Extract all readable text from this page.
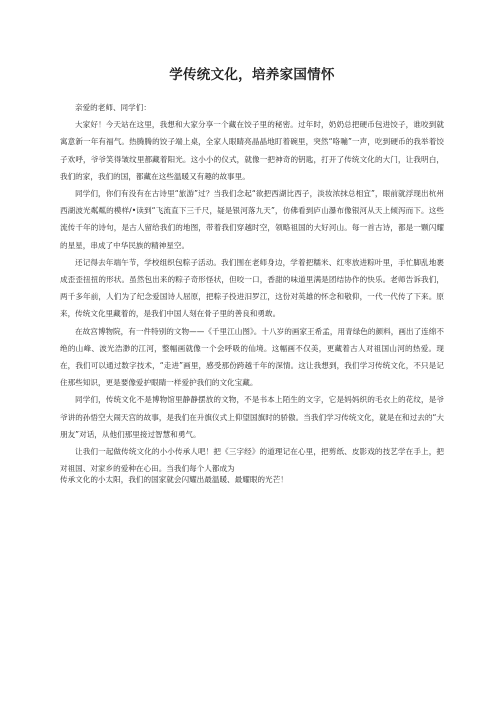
学传统文化，培养家国情怀

亲爱的老师、同学们：

大家好！今天站在这里，我想和大家分享一个藏在饺子里的秘密。过年时，奶奶总把硬币包进饺子，谁咬到就寓意新一年有福气。热腾腾的饺子端上桌，全家人眼睛亮晶晶地盯着碗里，突然“咯嘣”一声，吃到硬币的我举着饺子欢呼，爷爷笑得皱纹里都藏着阳光。这小小的仪式，就像一把神奇的钥匙，打开了传统文化的大门，让我明白，我们的家，我们的国，都藏在这些温暖又有趣的故事里。

同学们，你们有没有在古诗里“旅游”过？当我们念起“欲把西湖比西子，淡妆浓抹总相宜”，眼前就浮现出杭州西湖波光粼粼的模样/•读到“飞流直下三千尺，疑是银河落九天”，仿佛看到庐山瀑布像银河从天上倾泻而下。这些流传千年的诗句，是古人留给我们的地图，带着我们穿越时空，领略祖国的大好河山。每一首古诗，都是一颗闪耀的星星，串成了中华民族的精神星空。

还记得去年端午节，学校组织包粽子活动。我们围在老师身边，学着把糯米、红枣放进粽叶里，手忙脚乱地裹成歪歪扭扭的形状。虽然包出来的粽子奇形怪状，但咬一口，香甜的味道里满是团结协作的快乐。老师告诉我们，两千多年前，人们为了纪念爱国诗人屈原，把粽子投进汨罗江，这份对英雄的怀念和敬仰，一代一代传了下来。原来，传统文化里藏着的，是我们中国人刻在骨子里的善良和勇敢。

在故宫博物院，有一件特别的文物——《千里江山图》。十八岁的画家王希孟，用青绿色的颜料，画出了连绵不绝的山峰、波光浩渺的江河，整幅画就像一个会呼吸的仙境。这幅画不仅美，更藏着古人对祖国山河的热爱。现在，我们可以通过数字技术，“走进”画里，感受那份跨越千年的深情。这让我想到，我们学习传统文化，不只是记住那些知识，更是要像爱护眼睛一样爱护我们的文化宝藏。

同学们，传统文化不是博物馆里静静摆放的文物，不是书本上陌生的文字，它是妈妈织的毛衣上的花纹，是爷爷讲的孙悟空大闹天宫的故事，是我们在升旗仪式上仰望国旗时的骄傲。当我们学习传统文化，就是在和过去的“大朋友”对话，从他们那里接过智慧和勇气。

让我们一起做传统文化的小小传承人吧！把《三字经》的道理记在心里，把剪纸、皮影戏的技艺学在手上，把对祖国、对家乡的爱种在心田。当我们每个人都成为

传承文化的小太阳，我们的国家就会闪耀出最温暖、最耀眼的光芒！
